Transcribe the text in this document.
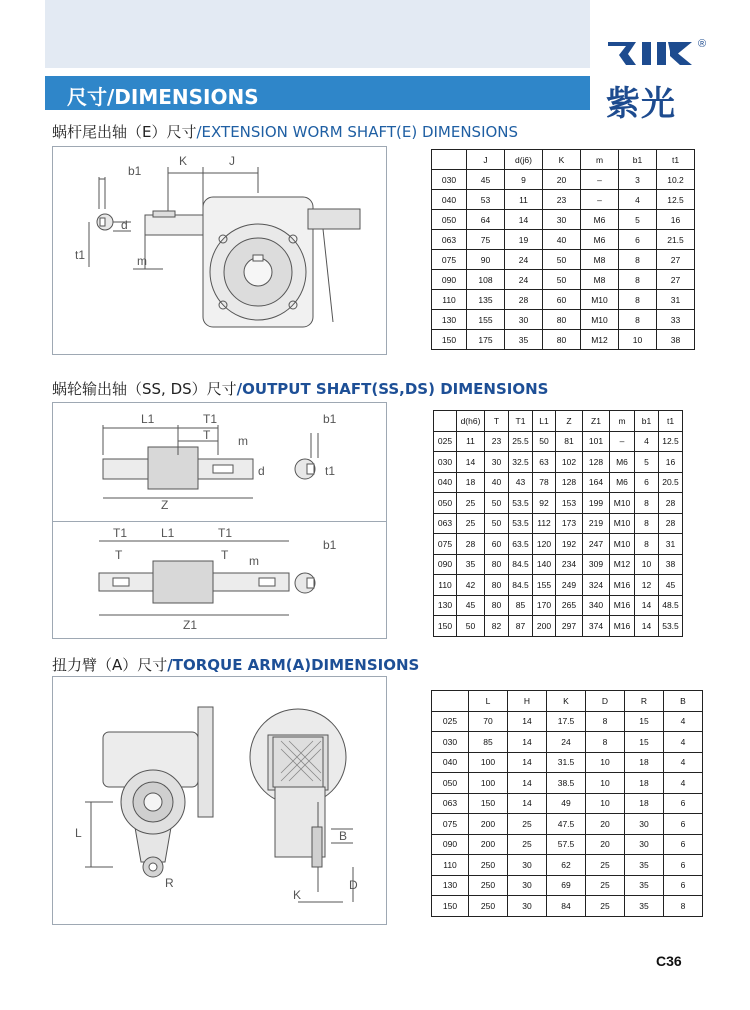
®
紫光
尺寸/DIMENSIONS
蜗杆尾出轴（E）尺寸/EXTENSION WORM SHAFT(E) DIMENSIONS
b1
K	J
d
t1	m
	J	d(j6)	K	m	b1	t1
030	45	9	20	–	3	10.2
040	53	11	23	–	4	12.5
050	64	14	30	M6	5	16
063	75	19	40	M6	6	21.5
075	90	24	50	M8	8	27
090	108	24	50	M8	8	27
110	135	28	60	M10	8	31
130	155	30	80	M10	8	33
150	175	35	80	M12	10	38
蜗轮输出轴（SS, DS）尺寸/OUTPUT SHAFT(SS,DS) DIMENSIONS
L1	T1
T m
b1
d	t1
Z
T1	L1	T1
b1
T	T m
Z1
	d(h6)	T	T1	L1	Z	Z1	m	b1	t1
025	11	23	25.5	50	81	101	–	4	12.5
030	14	30	32.5	63	102	128	M6	5	16
040	18	40	43	78	128	164	M6	6	20.5
050	25	50	53.5	92	153	199	M10	8	28
063	25	50	53.5	112	173	219	M10	8	28
075	28	60	63.5	120	192	247	M10	8	31
090	35	80	84.5	140	234	309	M12	10	38
110	42	80	84.5	155	249	324	M16	12	45
130	45	80	85	170	265	340	M16	14	48.5
150	50	82	87	200	297	374	M16	14	53.5
扭力臂（A）尺寸/TORQUE ARM(A)DIMENSIONS
L
R
B
K
D
	L	H	K	D	R	B
025	70	14	17.5	8	15	4
030	85	14	24	8	15	4
040	100	14	31.5	10	18	4
050	100	14	38.5	10	18	4
063	150	14	49	10	18	6
075	200	25	47.5	20	30	6
090	200	25	57.5	20	30	6
110	250	30	62	25	35	6
130	250	30	69	25	35	6
150	250	30	84	25	35	8
C36
